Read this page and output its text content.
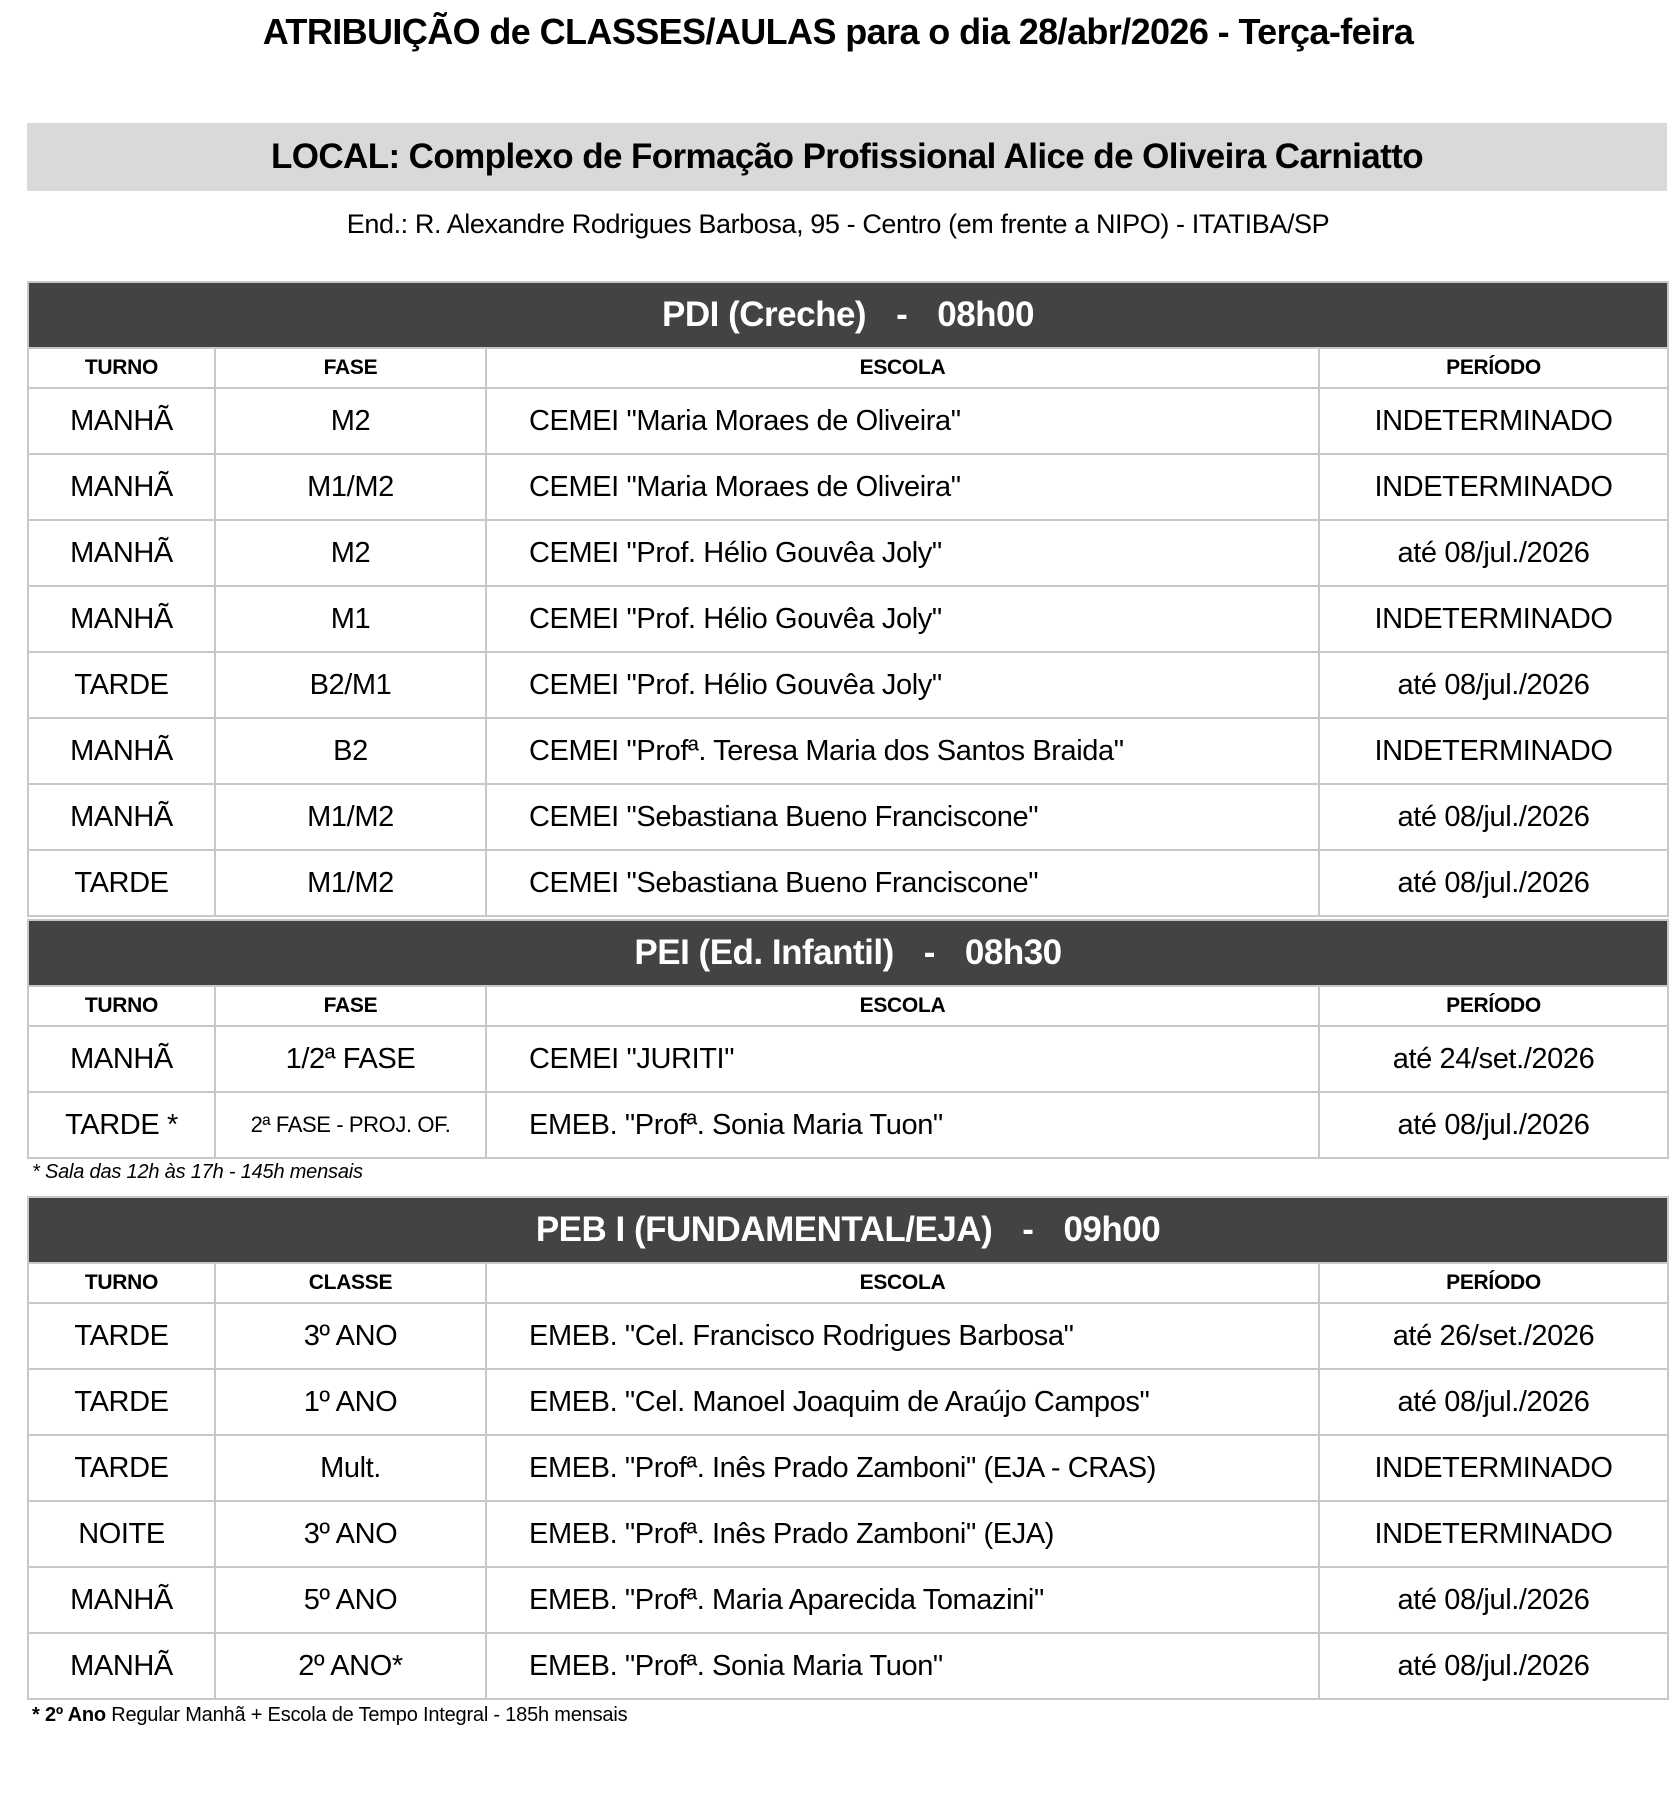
ATRIBUIÇÃO de CLASSES/AULAS para o dia 28/abr/2026 - Terça-feira
LOCAL: Complexo de Formação Profissional Alice de Oliveira Carniatto
End.: R. Alexandre Rodrigues Barbosa, 95 - Centro (em frente a NIPO) - ITATIBA/SP
PDI (Creche) - 08h00			
TURNO	FASE	ESCOLA	PERÍODO
MANHÃ	M2	CEMEI "Maria Moraes de Oliveira"	INDETERMINADO
MANHÃ	M1/M2	CEMEI "Maria Moraes de Oliveira"	INDETERMINADO
MANHÃ	M2	CEMEI "Prof. Hélio Gouvêa Joly"	até 08/jul./2026
MANHÃ	M1	CEMEI "Prof. Hélio Gouvêa Joly"	INDETERMINADO
TARDE	B2/M1	CEMEI "Prof. Hélio Gouvêa Joly"	até 08/jul./2026
MANHÃ	B2	CEMEI "Profª. Teresa Maria dos Santos Braida"	INDETERMINADO
MANHÃ	M1/M2	CEMEI "Sebastiana Bueno Franciscone"	até 08/jul./2026
TARDE	M1/M2	CEMEI "Sebastiana Bueno Franciscone"	até 08/jul./2026
PEI (Ed. Infantil) - 08h30			
TURNO	FASE	ESCOLA	PERÍODO
MANHÃ	1/2ª FASE	CEMEI "JURITI"	até 24/set./2026
TARDE *	2ª FASE - PROJ. OF.	EMEB. "Profª. Sonia Maria Tuon"	até 08/jul./2026
* Sala das 12h às 17h - 145h mensais
PEB I (FUNDAMENTAL/EJA) - 09h00			
TURNO	CLASSE	ESCOLA	PERÍODO
TARDE	3º ANO	EMEB. "Cel. Francisco Rodrigues Barbosa"	até 26/set./2026
TARDE	1º ANO	EMEB. "Cel. Manoel Joaquim de Araújo Campos"	até 08/jul./2026
TARDE	Mult.	EMEB. "Profª. Inês Prado Zamboni" (EJA - CRAS)	INDETERMINADO
NOITE	3º ANO	EMEB. "Profª. Inês Prado Zamboni" (EJA)	INDETERMINADO
MANHÃ	5º ANO	EMEB. "Profª. Maria Aparecida Tomazini"	até 08/jul./2026
MANHÃ	2º ANO*	EMEB. "Profª. Sonia Maria Tuon"	até 08/jul./2026
* 2º Ano Regular Manhã + Escola de Tempo Integral - 185h mensais
